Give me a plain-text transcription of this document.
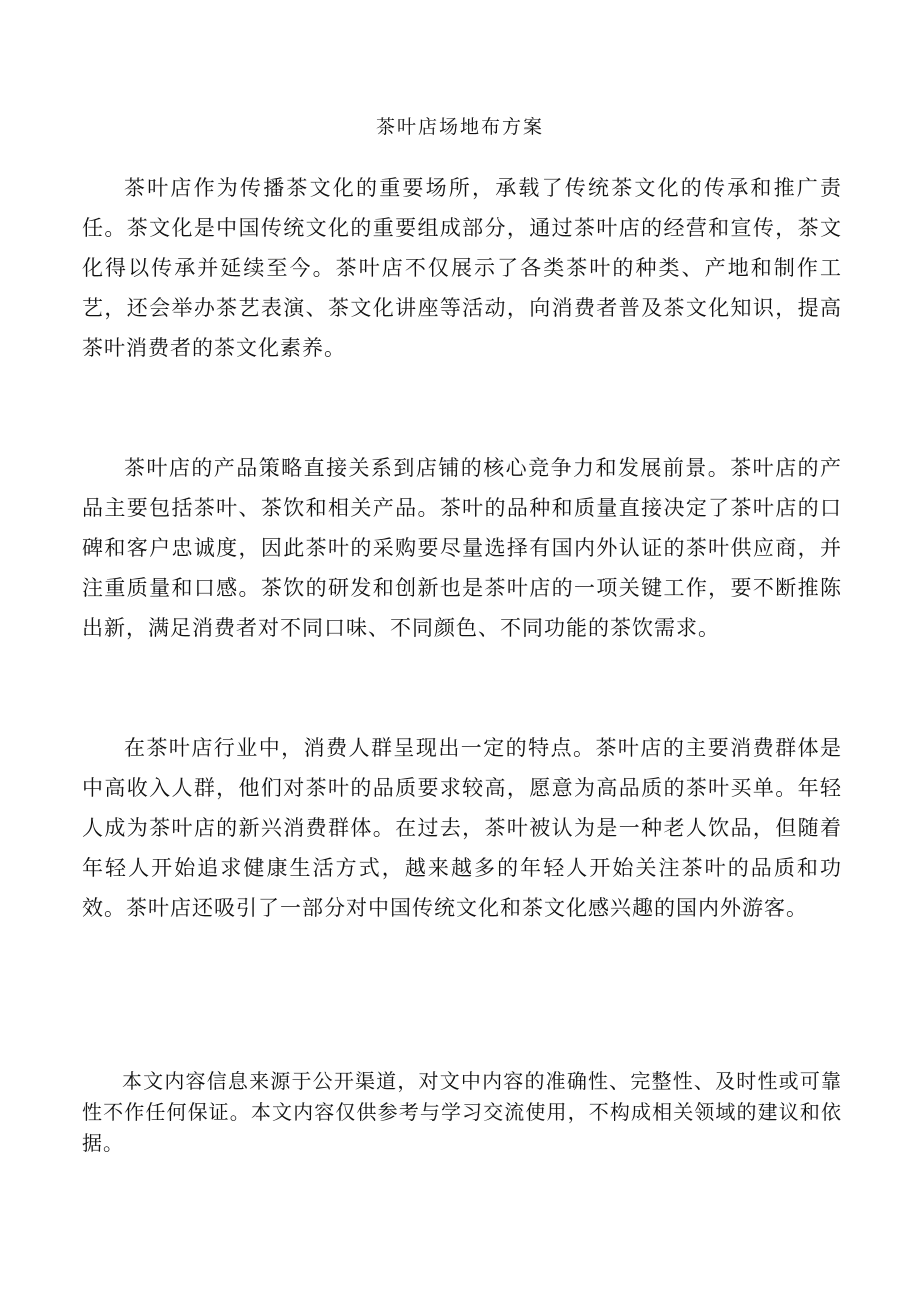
茶叶店场地布方案

茶叶店作为传播茶文化的重要场所，承载了传统茶文化的传承和推广责任。茶文化是中国传统文化的重要组成部分，通过茶叶店的经营和宣传，茶文化得以传承并延续至今。茶叶店不仅展示了各类茶叶的种类、产地和制作工艺，还会举办茶艺表演、茶文化讲座等活动，向消费者普及茶文化知识，提高茶叶消费者的茶文化素养。

茶叶店的产品策略直接关系到店铺的核心竞争力和发展前景。茶叶店的产品主要包括茶叶、茶饮和相关产品。茶叶的品种和质量直接决定了茶叶店的口碑和客户忠诚度，因此茶叶的采购要尽量选择有国内外认证的茶叶供应商，并注重质量和口感。茶饮的研发和创新也是茶叶店的一项关键工作，要不断推陈出新，满足消费者对不同口味、不同颜色、不同功能的茶饮需求。

在茶叶店行业中，消费人群呈现出一定的特点。茶叶店的主要消费群体是中高收入人群，他们对茶叶的品质要求较高，愿意为高品质的茶叶买单。年轻人成为茶叶店的新兴消费群体。在过去，茶叶被认为是一种老人饮品，但随着年轻人开始追求健康生活方式，越来越多的年轻人开始关注茶叶的品质和功效。茶叶店还吸引了一部分对中国传统文化和茶文化感兴趣的国内外游客。

本文内容信息来源于公开渠道，对文中内容的准确性、完整性、及时性或可靠性不作任何保证。本文内容仅供参考与学习交流使用，不构成相关领域的建议和依据。
